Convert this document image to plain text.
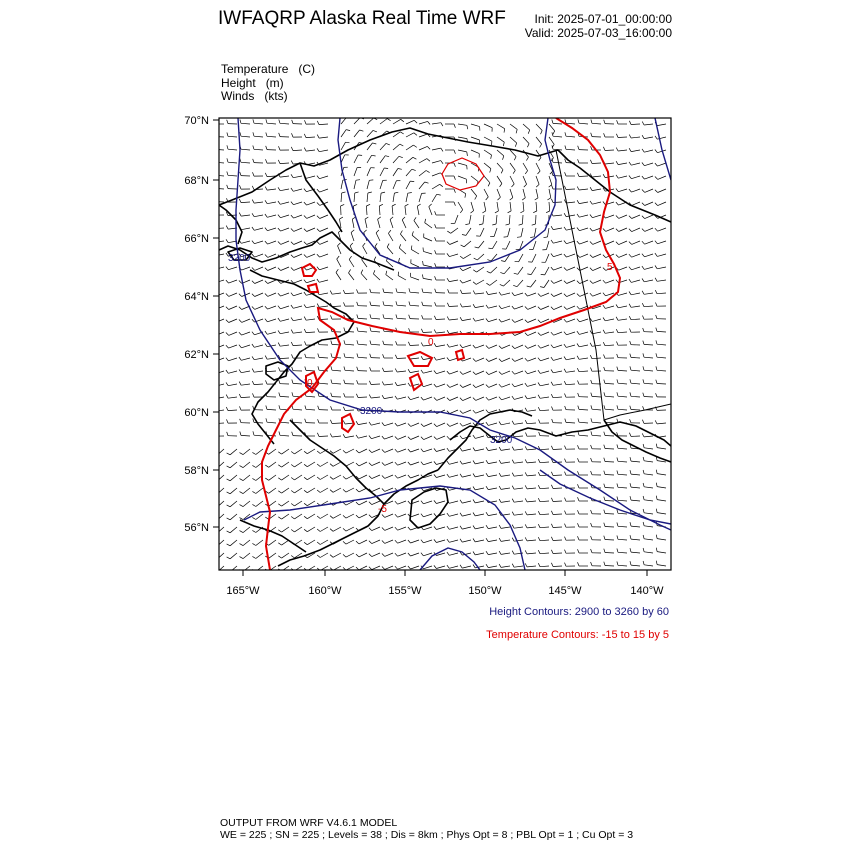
IWFAQRP Alaska Real Time WRF	Init: 2025-07-01_00:00:00
Valid: 2025-07-03_16:00:00
Temperature   (C)
Height   (m)
Winds   (kts)
3200
3200
3200
5
0
0
-5
70°N
68°N
66°N
64°N
62°N
60°N
58°N
56°N
165°W	160°W	155°W	150°W	145°W	140°W
Height Contours: 2900 to 3260 by 60
Temperature Contours: -15 to 15 by 5
OUTPUT FROM WRF V4.6.1 MODEL
WE = 225 ; SN = 225 ; Levels = 38 ; Dis = 8km ; Phys Opt = 8 ; PBL Opt = 1 ; Cu Opt = 3
